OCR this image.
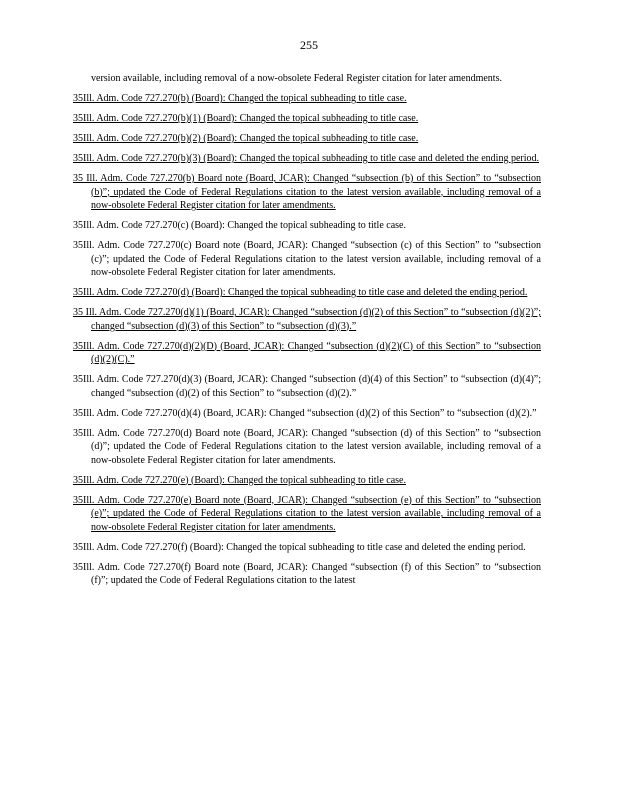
255

version available, including removal of a now-obsolete Federal Register citation for later amendments.

35Ill. Adm. Code 727.270(b) (Board): Changed the topical subheading to title case.

35Ill. Adm. Code 727.270(b)(1) (Board): Changed the topical subheading to title case.

35Ill. Adm. Code 727.270(b)(2) (Board): Changed the topical subheading to title case.

35Ill. Adm. Code 727.270(b)(3) (Board): Changed the topical subheading to title case and deleted the ending period.

35 Ill. Adm. Code 727.270(b) Board note (Board, JCAR): Changed “subsection (b) of this Section” to “subsection (b)”; updated the Code of Federal Regulations citation to the latest version available, including removal of a now-obsolete Federal Register citation for later amendments.

35Ill. Adm. Code 727.270(c) (Board): Changed the topical subheading to title case.

35Ill. Adm. Code 727.270(c) Board note (Board, JCAR): Changed “subsection (c) of this Section” to “subsection (c)”; updated the Code of Federal Regulations citation to the latest version available, including removal of a now-obsolete Federal Register citation for later amendments.

35Ill. Adm. Code 727.270(d) (Board): Changed the topical subheading to title case and deleted the ending period.

35 Ill. Adm. Code 727.270(d)(1) (Board, JCAR): Changed “subsection (d)(2) of this Section” to “subsection (d)(2)”; changed “subsection (d)(3) of this Section” to “subsection (d)(3).”

35Ill. Adm. Code 727.270(d)(2)(D) (Board, JCAR): Changed “subsection (d)(2)(C) of this Section” to “subsection (d)(2)(C).”

35Ill. Adm. Code 727.270(d)(3) (Board, JCAR): Changed “subsection (d)(4) of this Section” to “subsection (d)(4)”; changed “subsection (d)(2) of this Section” to “subsection (d)(2).”

35Ill. Adm. Code 727.270(d)(4) (Board, JCAR): Changed “subsection (d)(2) of this Section” to “subsection (d)(2).”

35Ill. Adm. Code 727.270(d) Board note (Board, JCAR): Changed “subsection (d) of this Section” to “subsection (d)”; updated the Code of Federal Regulations citation to the latest version available, including removal of a now-obsolete Federal Register citation for later amendments.

35Ill. Adm. Code 727.270(e) (Board): Changed the topical subheading to title case.

35Ill. Adm. Code 727.270(e) Board note (Board, JCAR): Changed “subsection (e) of this Section” to “subsection (e)”; updated the Code of Federal Regulations citation to the latest version available, including removal of a now-obsolete Federal Register citation for later amendments.

35Ill. Adm. Code 727.270(f) (Board): Changed the topical subheading to title case and deleted the ending period.

35Ill. Adm. Code 727.270(f) Board note (Board, JCAR): Changed “subsection (f) of this Section” to “subsection (f)”; updated the Code of Federal Regulations citation to the latest
